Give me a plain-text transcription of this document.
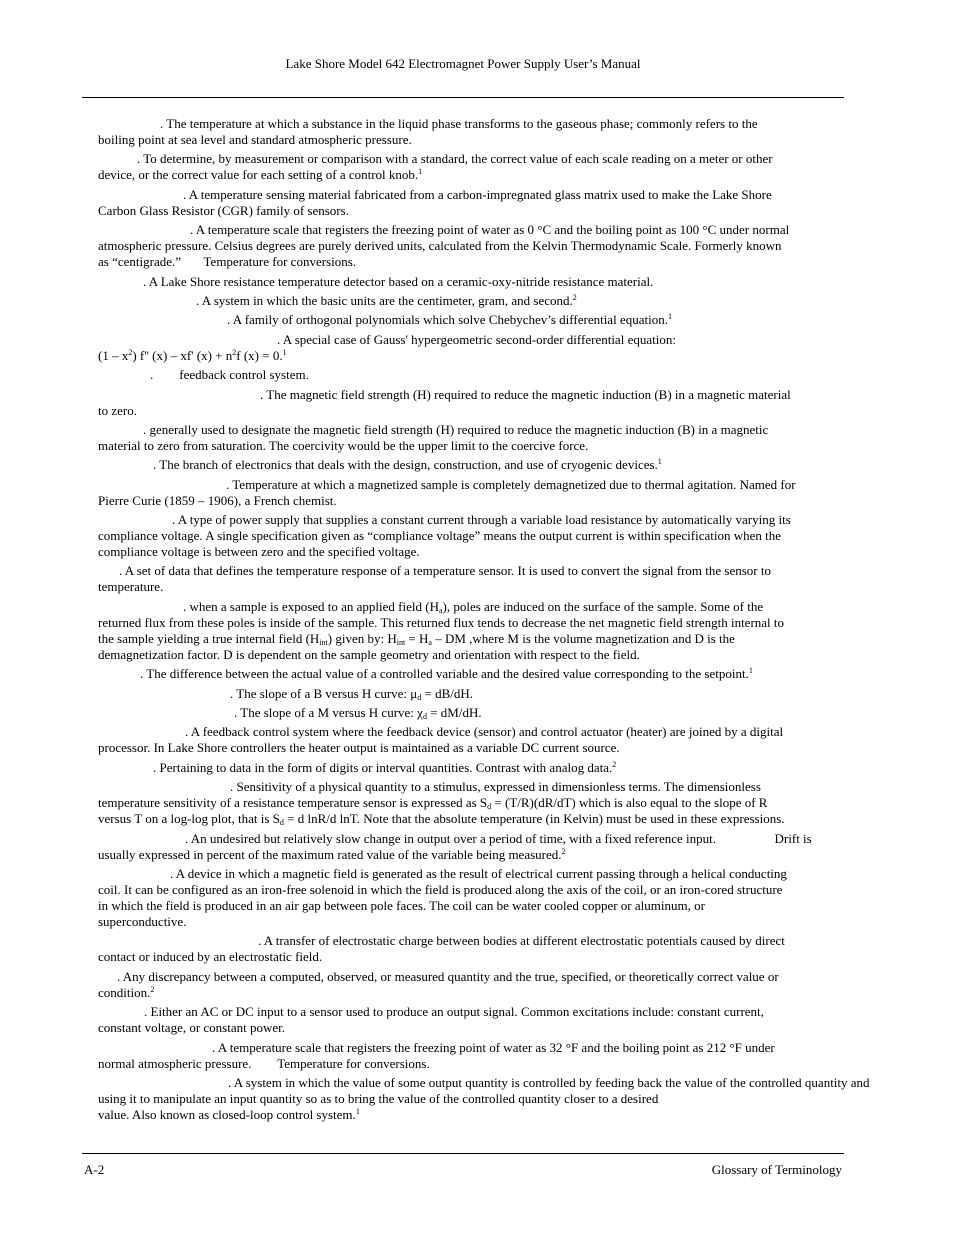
Lake Shore Model 642 Electromagnet Power Supply User’s Manual
. The temperature at which a substance in the liquid phase transforms to the gaseous phase; commonly refers to the
boiling point at sea level and standard atmospheric pressure.
. To determine, by measurement or comparison with a standard, the correct value of each scale reading on a meter or other
device, or the correct value for each setting of a control knob.$^1$
. A temperature sensing material fabricated from a carbon-impregnated glass matrix used to make the Lake Shore
Carbon Glass Resistor (CGR) family of sensors.
. A temperature scale that registers the freezing point of water as 0 °C and the boiling point as 100 °C under normal
atmospheric pressure. Celsius degrees are purely derived units, calculated from the Kelvin Thermodynamic Scale. Formerly known
as “centigrade.”       Temperature for conversions.
. A Lake Shore resistance temperature detector based on a ceramic-oxy-nitride resistance material.
. A system in which the basic units are the centimeter, gram, and second.$^2$
. A family of orthogonal polynomials which solve Chebychev’s differential equation.$^1$
. A special case of Gauss' hypergeometric second-order differential equation:
$(1 - x^2)$ f'' (x) – xf' $(x) + n^2f$ (x) = 0.$^1$
.        feedback control system.
. The magnetic field strength (H) required to reduce the magnetic induction (B) in a magnetic material
to zero.
. generally used to designate the magnetic field strength (H) required to reduce the magnetic induction (B) in a magnetic
material to zero from saturation. The coercivity would be the upper limit to the coercive force.
. The branch of electronics that deals with the design, construction, and use of cryogenic devices.$^1$
. Temperature at which a magnetized sample is completely demagnetized due to thermal agitation. Named for
Pierre Curie (1859 – 1906), a French chemist.
. A type of power supply that supplies a constant current through a variable load resistance by automatically varying its
compliance voltage. A single specification given as “compliance voltage” means the output current is within specification when the
compliance voltage is between zero and the specified voltage.
. A set of data that defines the temperature response of a temperature sensor. It is used to convert the signal from the sensor to
temperature.
. when a sample is exposed to an applied field $(H_a)$, poles are induced on the surface of the sample. Some of the
returned flux from these poles is inside of the sample. This returned flux tends to decrease the net magnetic field strength internal to
the sample yielding a true internal field $(H_{int})$ given by: $H_{int} = H_a$ – DM ,where M is the volume magnetization and D is the
demagnetization factor. D is dependent on the sample geometry and orientation with respect to the field.
. The difference between the actual value of a controlled variable and the desired value corresponding to the setpoint.$^1$
. The slope of a B versus H curve: $\mu_d = dB/dH$.
. The slope of a M versus H curve: $\chi_d = dM/dH$.
. A feedback control system where the feedback device (sensor) and control actuator (heater) are joined by a digital
processor. In Lake Shore controllers the heater output is maintained as a variable DC current source.
. Pertaining to data in the form of digits or interval quantities. Contrast with analog data.$^2$
. Sensitivity of a physical quantity to a stimulus, expressed in dimensionless terms. The dimensionless
temperature sensitivity of a resistance temperature sensor is expressed as $S_d = (T/R)(dR/dT)$ which is also equal to the slope of R
versus T on a log-log plot, that is $S_d = d$ lnR/d lnT. Note that the absolute temperature (in Kelvin) must be used in these expressions.
. An undesired but relatively slow change in output over a period of time, with a fixed reference input.                  Drift is
usually expressed in percent of the maximum rated value of the variable being measured.$^2$
. A device in which a magnetic field is generated as the result of electrical current passing through a helical conducting
coil. It can be configured as an iron-free solenoid in which the field is produced along the axis of the coil, or an iron-cored structure
in which the field is produced in an air gap between pole faces. The coil can be water cooled copper or aluminum, or
superconductive.
. A transfer of electrostatic charge between bodies at different electrostatic potentials caused by direct
contact or induced by an electrostatic field.
. Any discrepancy between a computed, observed, or measured quantity and the true, specified, or theoretically correct value or
condition.$^2$
. Either an AC or DC input to a sensor used to produce an output signal. Common excitations include: constant current,
constant voltage, or constant power.
. A temperature scale that registers the freezing point of water as 32 °F and the boiling point as 212 °F under
normal atmospheric pressure.        Temperature for conversions.
. A system in which the value of some output quantity is controlled by feeding back the value of the controlled quantity and
using it to manipulate an input quantity so as to bring the value of the controlled quantity closer to a desired
value. Also known as closed-loop control system.$^1$
A-2	Glossary of Terminology
